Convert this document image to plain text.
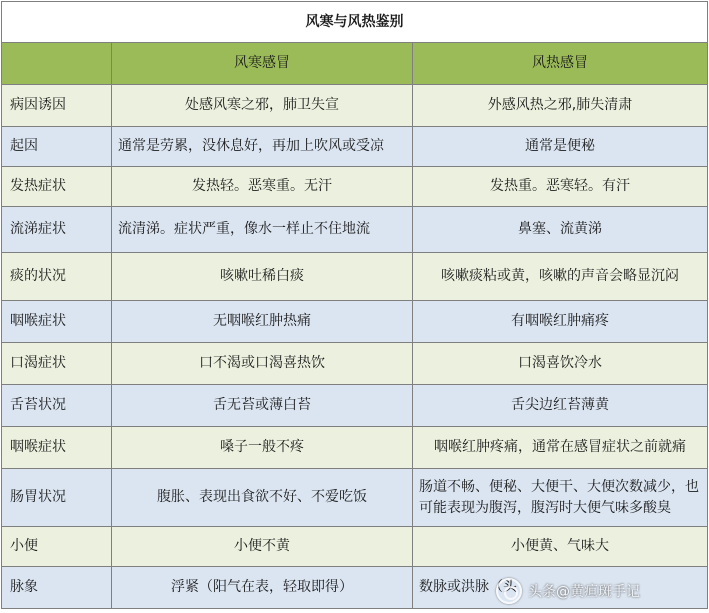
风寒与风热鉴别		
	风寒感冒	风热感冒
病因诱因	处感风寒之邪，肺卫失宣	外感风热之邪,肺失清肃
起因	通常是劳累，没休息好，再加上吹风或受凉	通常是便秘
发热症状	发热轻。恶寒重。无汗	发热重。恶寒轻。有汗
流涕症状	流清涕。症状严重，像水一样止不住地流	鼻塞、流黄涕
痰的状况	咳嗽吐稀白痰	咳嗽痰粘或黄，咳嗽的声音会略显沉闷
咽喉症状	无咽喉红肿热痛	有咽喉红肿痛疼
口渴症状	口不渴或口渴喜热饮	口渴喜饮冷水
舌苔状况	舌无苔或薄白苔	舌尖边红苔薄黄
咽喉症状	嗓子一般不疼	咽喉红肿疼痛，通常在感冒症状之前就痛
肠胃状况	腹胀、表现出食欲不好、不爱吃饭	肠道不畅、便秘、大便干、大便次数减少，也可能表现为腹泻，腹泻时大便气味多酸臭
小便	小便不黄	小便黄、气味大
脉象	浮紧（阳气在表，轻取即得）	数脉或洪脉（头 头条@黄疸斑手记
